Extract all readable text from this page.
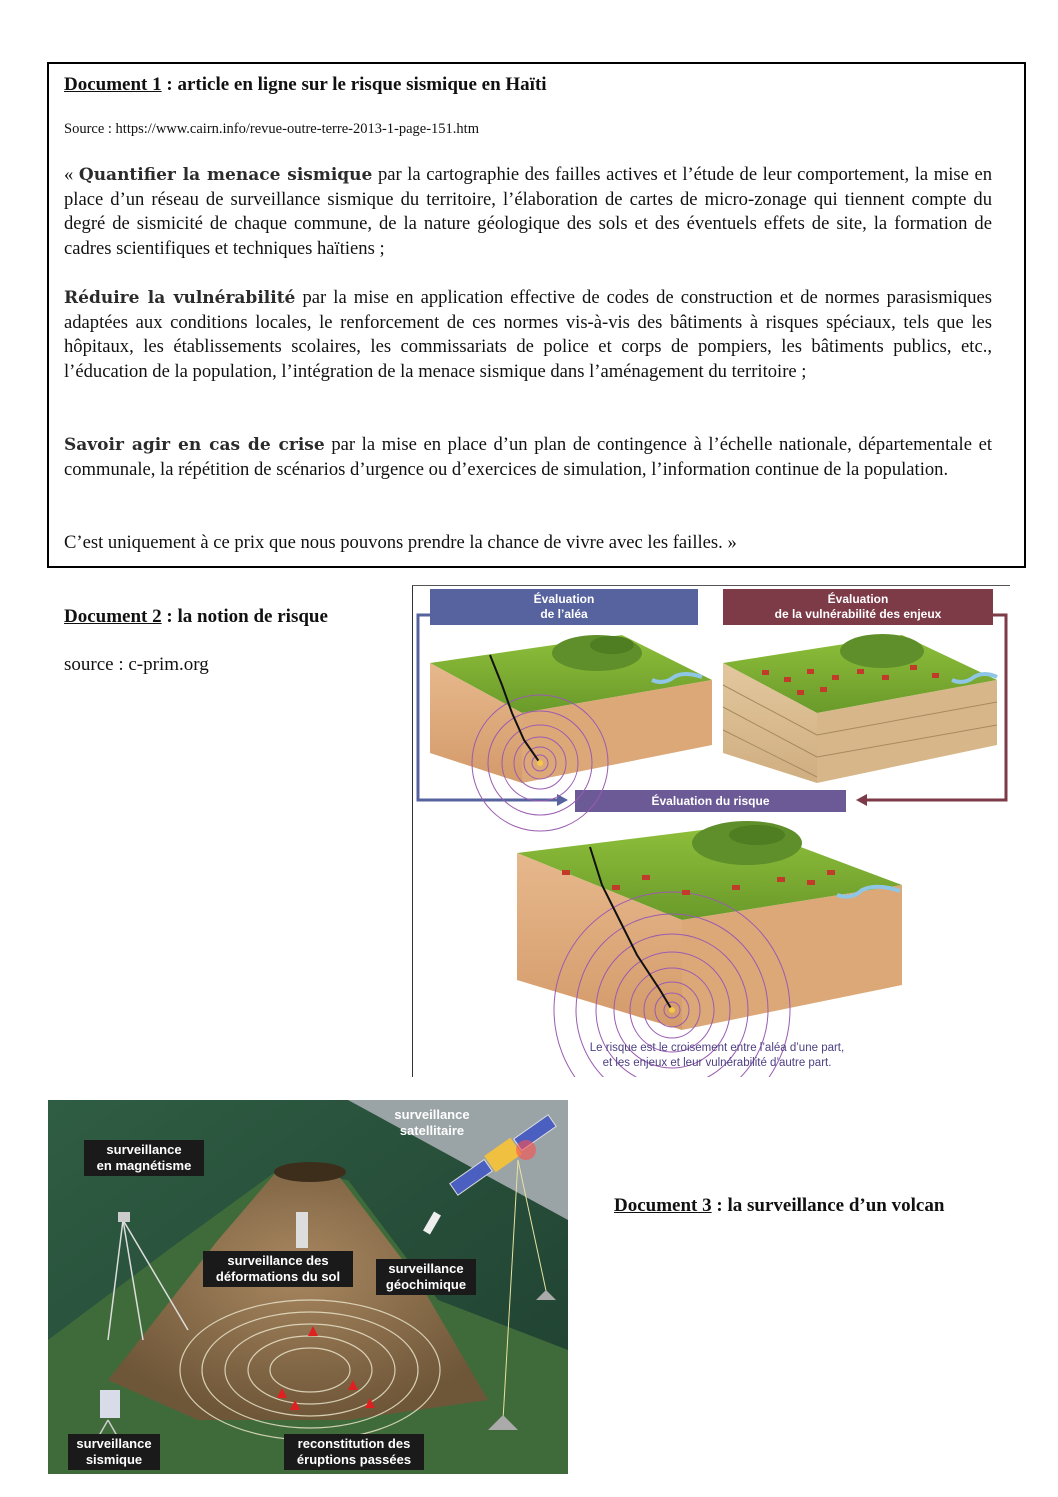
Document 1 : article en ligne sur le risque sismique en Haïti
Source : https://www.cairn.info/revue-outre-terre-2013-1-page-151.htm

« Quantifier la menace sismique par la cartographie des failles actives et l’étude de leur comportement, la mise en place d’un réseau de surveillance sismique du territoire, l’élaboration de cartes de micro-zonage qui tiennent compte du degré de sismicité de chaque commune, de la nature géologique des sols et des éventuels effets de site, la formation de cadres scientifiques et techniques haïtiens ;

Réduire la vulnérabilité par la mise en application effective de codes de construction et de normes parasismiques adaptées aux conditions locales, le renforcement de ces normes vis-à-vis des bâtiments à risques spéciaux, tels que les hôpitaux, les établissements scolaires, les commissariats de police et corps de pompiers, les bâtiments publics, etc., l’éducation de la population, l’intégration de la menace sismique dans l’aménagement du territoire ;

Savoir agir en cas de crise par la mise en place d’un plan de contingence à l’échelle nationale, départementale et communale, la répétition de scénarios d’urgence ou d’exercices de simulation, l’information continue de la population.

C’est uniquement à ce prix que nous pouvons prendre la chance de vivre avec les failles. »

Document 2 : la notion de risque
source : c-prim.org
Évaluation
de l’aléa
Évaluation
de la vulnérabilité des enjeux
Évaluation du risque
Le risque est le croisement entre l’aléa d’une part,
et les enjeux et leur vulnérabilité d’autre part.
Document 3 : la surveillance d’un volcan
surveillance
satellitaire
surveillance
en magnétisme
surveillance des
déformations du sol
surveillance
géochimique
surveillance
sismique
reconstitution des
éruptions passées
